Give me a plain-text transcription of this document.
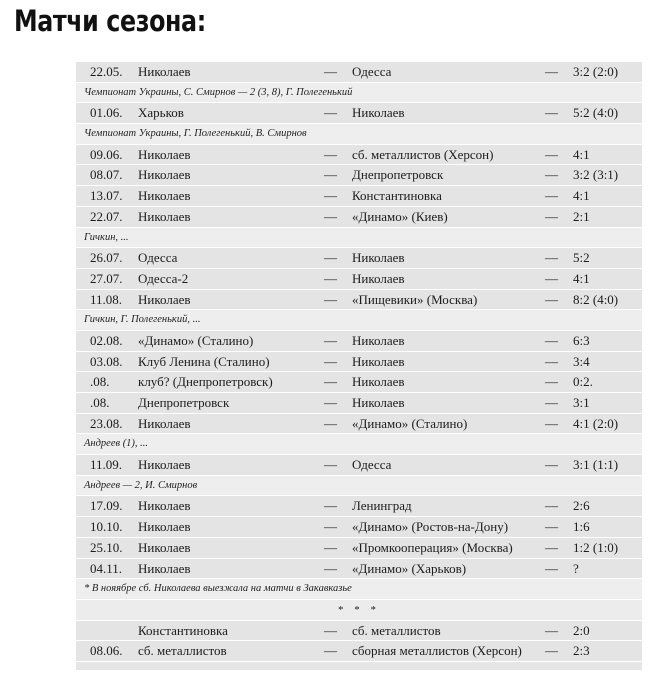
Матчи сезона:
22.05. Николаев	— Одесса	— 3:2 (2:0)
Чемпионат Украины, С. Смирнов — 2 (3, 8), Г. Полегенький
01.06. Харьков	— Николаев	— 5:2 (4:0)
Чемпионат Украины, Г. Полегенький, В. Смирнов
09.06. Николаев	— сб. металлистов (Херсон)	— 4:1
08.07. Николаев	— Днепропетровск	— 3:2 (3:1)
13.07. Николаев	— Константиновка	— 4:1
22.07. Николаев	— «Динамо» (Киев)	— 2:1
Гичкин, ...
26.07. Одесса	— Николаев	— 5:2
27.07. Одесса-2	— Николаев	— 4:1
11.08. Николаев	— «Пищевики» (Москва)	— 8:2 (4:0)
Гичкин, Г. Полегенький, ...
02.08. «Динамо» (Сталино)	— Николаев	— 6:3
03.08. Клуб Ленина (Сталино)	— Николаев	— 3:4
.08. клуб? (Днепропетровск)	— Николаев	— 0:2.
.08. Днепропетровск	— Николаев	— 3:1
23.08. Николаев	— «Динамо» (Сталино)	— 4:1 (2:0)
Андреев (1), ...
11.09. Николаев	— Одесса	— 3:1 (1:1)
Андреев — 2, И. Смирнов
17.09. Николаев	— Ленинград	— 2:6
10.10. Николаев	— «Динамо» (Ростов-на-Дону)	— 1:6
25.10. Николаев	— «Промкооперация» (Москва) — 1:2 (1:0)
04.11. Николаев	— «Динамо» (Харьков)	— ?
* В нояябре сб. Николаева выезжала на матчи в Закавказье
* * *
Константиновка	— сб. металлистов	— 2:0
08.06. сб. металлистов	— сборная металлистов (Херсон) — 2:3
